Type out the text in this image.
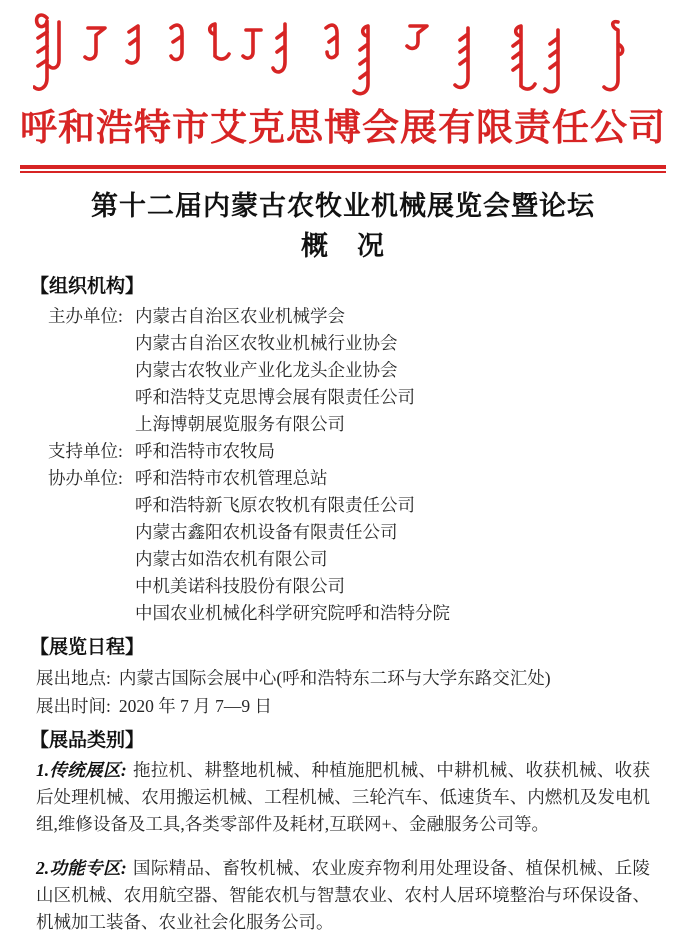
呼和浩特市艾克思博会展有限责任公司
第十二届内蒙古农牧业机械展览会暨论坛
概　况
【组织机构】
主办单位: 内蒙古自治区农业机械学会
内蒙古自治区农牧业机械行业协会
内蒙古农牧业产业化龙头企业协会
呼和浩特艾克思博会展有限责任公司
上海博朝展览服务有限公司
支持单位: 呼和浩特市农牧局
协办单位: 呼和浩特市农机管理总站
呼和浩特新飞原农牧机有限责任公司
内蒙古鑫阳农机设备有限责任公司
内蒙古如浩农机有限公司
中机美诺科技股份有限公司
中国农业机械化科学研究院呼和浩特分院
【展览日程】
展出地点: 内蒙古国际会展中心(呼和浩特东二环与大学东路交汇处)
展出时间: 2020 年 7 月 7—9 日
【展品类别】

1.传统展区: 拖拉机、耕整地机械、种植施肥机械、中耕机械、收获机械、收获后处理机械、农用搬运机械、工程机械、三轮汽车、低速货车、内燃机及发电机组,维修设备及工具,各类零部件及耗材,互联网+、金融服务公司等。

2.功能专区: 国际精品、畜牧机械、农业废弃物利用处理设备、植保机械、丘陵山区机械、农用航空器、智能农机与智慧农业、农村人居环境整治与环保设备、机械加工装备、农业社会化服务公司。
